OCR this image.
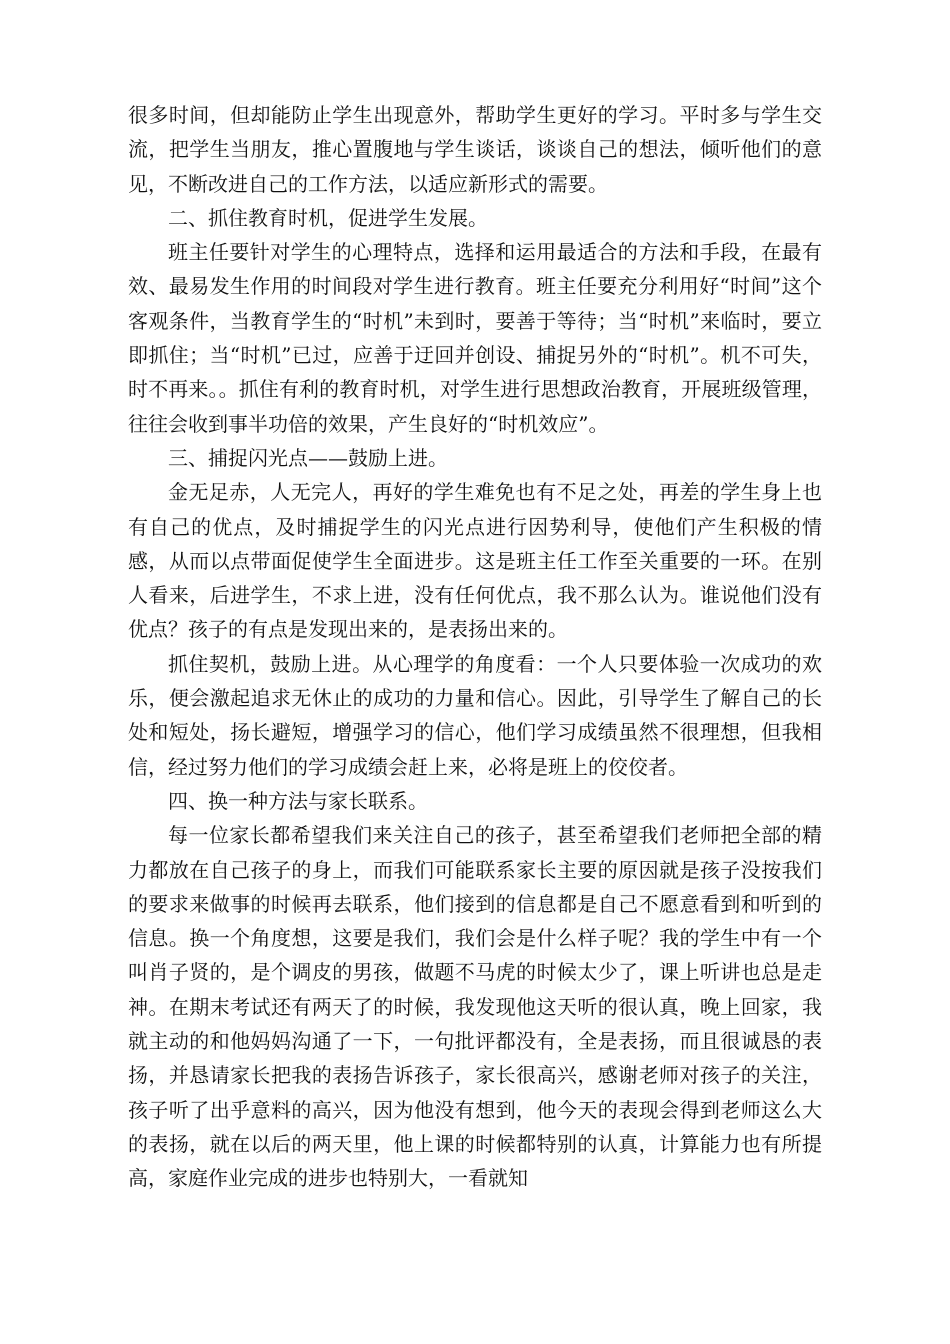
很多时间，但却能防止学生出现意外，帮助学生更好的学习。平时多与学生交流，把学生当朋友，推心置腹地与学生谈话，谈谈自己的想法，倾听他们的意见，不断改进自己的工作方法，以适应新形式的需要。

二、抓住教育时机，促进学生发展。

班主任要针对学生的心理特点，选择和运用最适合的方法和手段，在最有效、最易发生作用的时间段对学生进行教育。班主任要充分利用好“时间”这个客观条件，当教育学生的“时机”未到时，要善于等待；当“时机”来临时，要立即抓住；当“时机”已过，应善于迂回并创设、捕捉另外的“时机”。机不可失，时不再来。。抓住有利的教育时机，对学生进行思想政治教育，开展班级管理，往往会收到事半功倍的效果，产生良好的“时机效应”。

三、捕捉闪光点——鼓励上进。

金无足赤，人无完人，再好的学生难免也有不足之处，再差的学生身上也有自己的优点，及时捕捉学生的闪光点进行因势利导，使他们产生积极的情感，从而以点带面促使学生全面进步。这是班主任工作至关重要的一环。在别人看来，后进学生，不求上进，没有任何优点，我不那么认为。谁说他们没有优点？孩子的有点是发现出来的，是表扬出来的。

抓住契机，鼓励上进。从心理学的角度看：一个人只要体验一次成功的欢乐，便会激起追求无休止的成功的力量和信心。因此，引导学生了解自己的长处和短处，扬长避短，增强学习的信心，他们学习成绩虽然不很理想，但我相信，经过努力他们的学习成绩会赶上来，必将是班上的佼佼者。

四、换一种方法与家长联系。

每一位家长都希望我们来关注自己的孩子，甚至希望我们老师把全部的精力都放在自己孩子的身上，而我们可能联系家长主要的原因就是孩子没按我们的要求来做事的时候再去联系，他们接到的信息都是自己不愿意看到和听到的信息。换一个角度想，这要是我们，我们会是什么样子呢？我的学生中有一个叫肖子贤的，是个调皮的男孩，做题不马虎的时候太少了，课上听讲也总是走神。在期末考试还有两天了的时候，我发现他这天听的很认真，晚上回家，我就主动的和他妈妈沟通了一下，一句批评都没有，全是表扬，而且很诚恳的表扬，并恳请家长把我的表扬告诉孩子，家长很高兴，感谢老师对孩子的关注，孩子听了出乎意料的高兴，因为他没有想到，他今天的表现会得到老师这么大的表扬，就在以后的两天里，他上课的时候都特别的认真，计算能力也有所提高，家庭作业完成的进步也特别大，一看就知
